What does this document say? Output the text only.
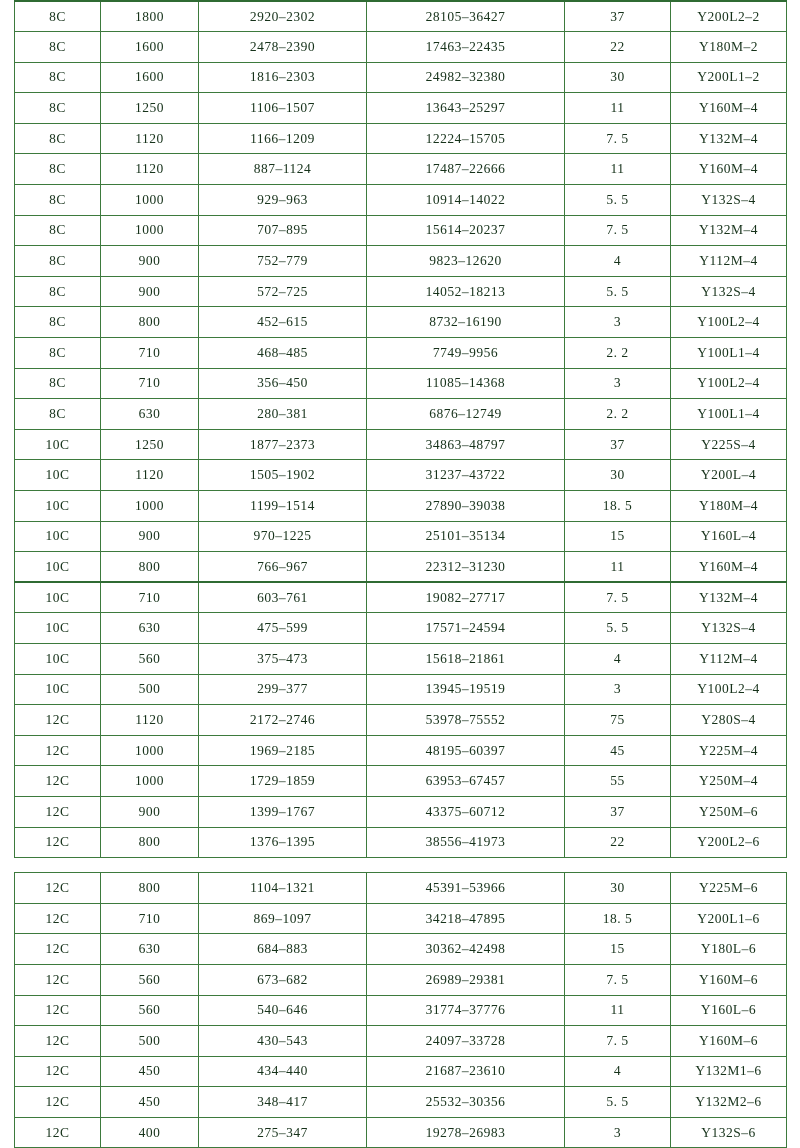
8C	1800	2920–2302	28105–36427	37	Y200L2–2
8C	1600	2478–2390	17463–22435	22	Y180M–2
8C	1600	1816–2303	24982–32380	30	Y200L1–2
8C	1250	1106–1507	13643–25297	11	Y160M–4
8C	1120	1166–1209	12224–15705	7. 5	Y132M–4
8C	1120	887–1124	17487–22666	11	Y160M–4
8C	1000	929–963	10914–14022	5. 5	Y132S–4
8C	1000	707–895	15614–20237	7. 5	Y132M–4
8C	900	752–779	9823–12620	4	Y112M–4
8C	900	572–725	14052–18213	5. 5	Y132S–4
8C	800	452–615	8732–16190	3	Y100L2–4
8C	710	468–485	7749–9956	2. 2	Y100L1–4
8C	710	356–450	11085–14368	3	Y100L2–4
8C	630	280–381	6876–12749	2. 2	Y100L1–4
10C	1250	1877–2373	34863–48797	37	Y225S–4
10C	1120	1505–1902	31237–43722	30	Y200L–4
10C	1000	1199–1514	27890–39038	18. 5	Y180M–4
10C	900	970–1225	25101–35134	15	Y160L–4
10C	800	766–967	22312–31230	11	Y160M–4
10C	710	603–761	19082–27717	7. 5	Y132M–4
10C	630	475–599	17571–24594	5. 5	Y132S–4
10C	560	375–473	15618–21861	4	Y112M–4
10C	500	299–377	13945–19519	3	Y100L2–4
12C	1120	2172–2746	53978–75552	75	Y280S–4
12C	1000	1969–2185	48195–60397	45	Y225M–4
12C	1000	1729–1859	63953–67457	55	Y250M–4
12C	900	1399–1767	43375–60712	37	Y250M–6
12C	800	1376–1395	38556–41973	22	Y200L2–6
12C	800	1104–1321	45391–53966	30	Y225M–6
12C	710	869–1097	34218–47895	18. 5	Y200L1–6
12C	630	684–883	30362–42498	15	Y180L–6
12C	560	673–682	26989–29381	7. 5	Y160M–6
12C	560	540–646	31774–37776	11	Y160L–6
12C	500	430–543	24097–33728	7. 5	Y160M–6
12C	450	434–440	21687–23610	4	Y132M1–6
12C	450	348–417	25532–30356	5. 5	Y132M2–6
12C	400	275–347	19278–26983	3	Y132S–6
